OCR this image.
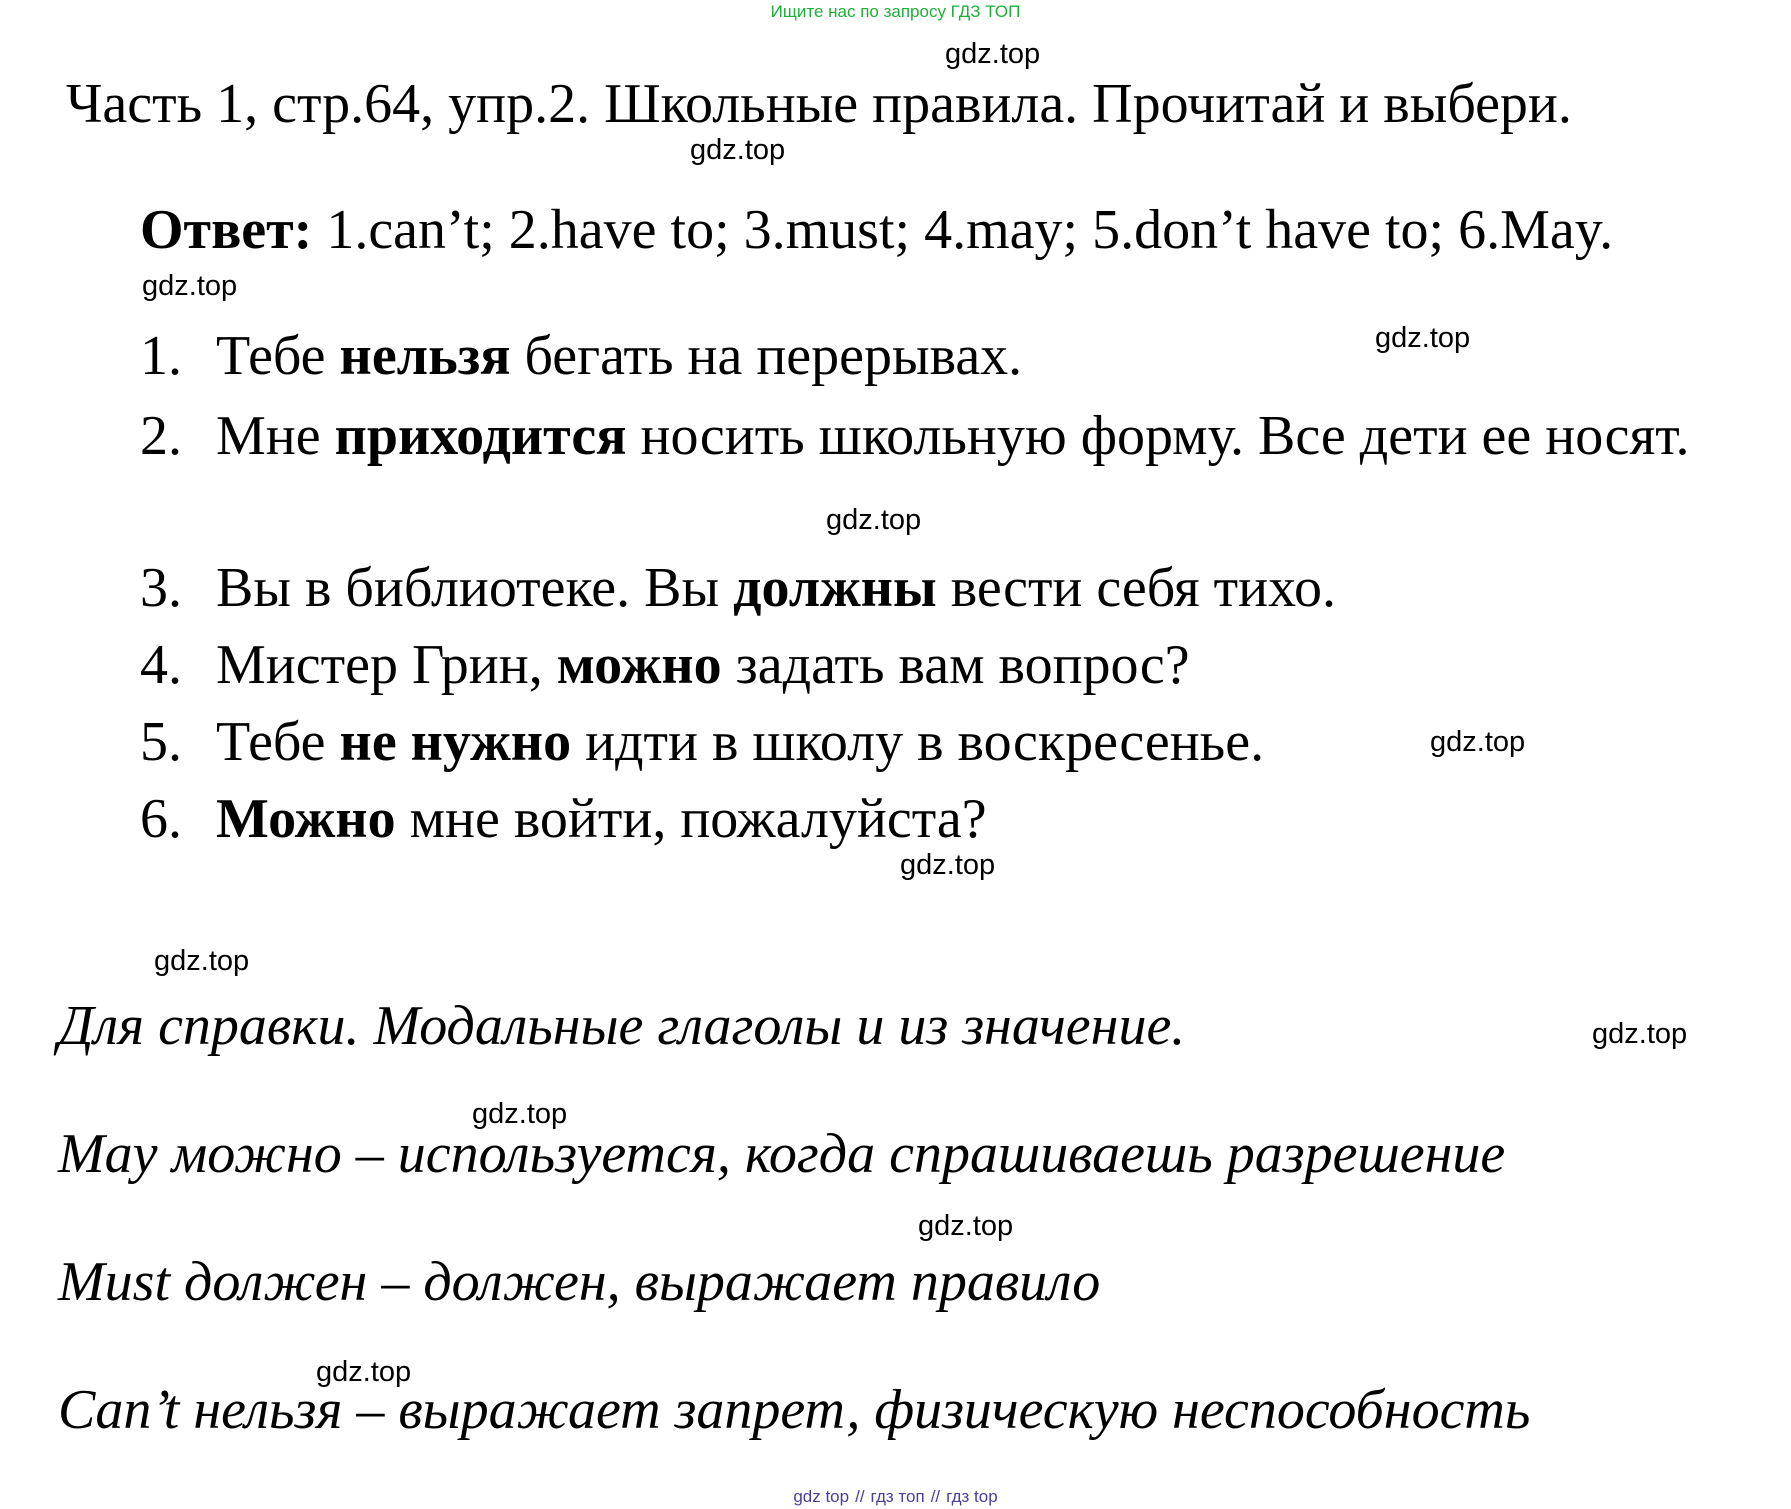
Ищите нас по запросу ГДЗ ТОП
gdz.top
gdz.top
gdz.top
gdz.top
gdz.top
gdz.top
gdz.top
gdz.top
gdz.top
gdz.top
gdz.top
gdz.top
Часть 1, стр.64, упр.2. Школьные правила. Прочитай и выбери.
Ответ: 1.can’t; 2.have to; 3.must; 4.may; 5.don’t have to; 6.May.
1. Тебе нельзя бегать на перерывах.
2. Мне приходится носить школьную форму. Все дети ее носят.
3. Вы в библиотеке. Вы должны вести себя тихо.
4. Мистер Грин, можно задать вам вопрос?
5. Тебе не нужно идти в школу в воскресенье.
6. Можно мне войти, пожалуйста?
Для справки. Модальные глаголы и из значение.
May можно – используется, когда спрашиваешь разрешение
Must должен – должен, выражает правило
Can’t нельзя – выражает запрет, физическую неспособность
gdz top // гдз топ // гдз top
